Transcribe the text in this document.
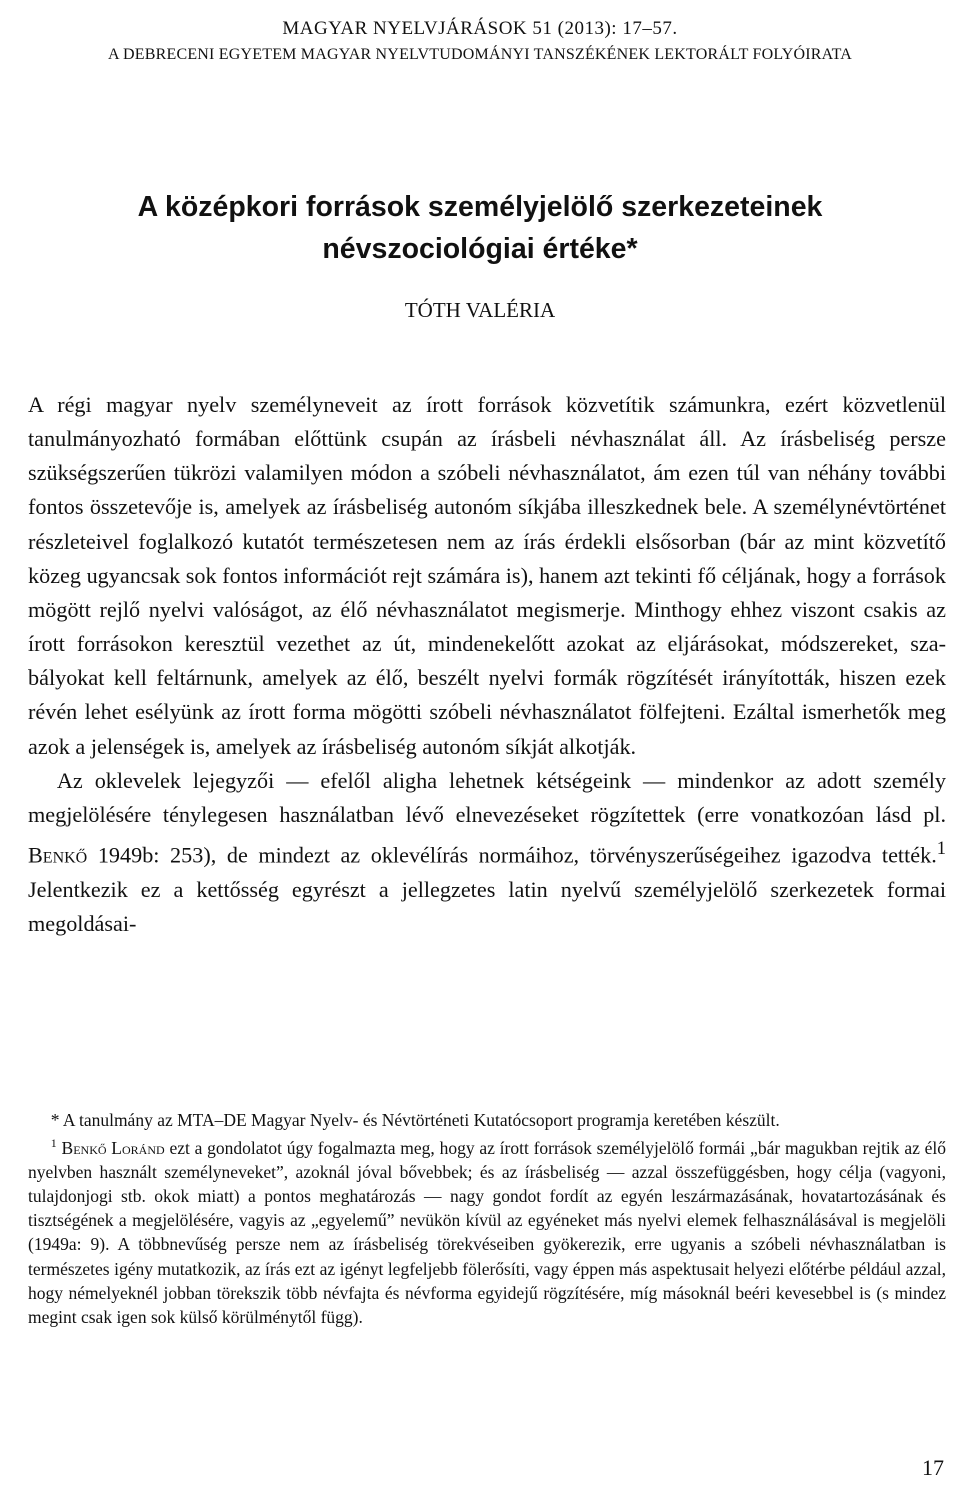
MAGYAR NYELVJÁRÁSOK 51 (2013): 17–57.
A DEBRECENI EGYETEM MAGYAR NYELVTUDOMÁNYI TANSZÉKÉNEK LEKTORÁLT FOLYÓIRATA
A középkori források személyjelölő szerkezeteinek
névszociológiai értéke*
TÓTH VALÉRIA

A régi magyar nyelv személyneveit az írott források közvetítik számunkra, ezért közvetlenül tanulmányozható formában előttünk csupán az írásbeli névhasználat áll. Az írásbeliség persze szükségszerűen tükrözi valamilyen módon a szóbeli névhasználatot, ám ezen túl van néhány további fontos összetevője is, amelyek az írásbeliség autonóm síkjába illeszkednek bele. A személynévtörténet részleteivel foglalkozó kutatót természetesen nem az írás érdekli elsősorban (bár az mint közvetítő közeg ugyancsak sok fontos információt rejt számára is), hanem azt tekinti fő céljának, hogy a források mögött rejlő nyelvi valóságot, az élő névhasználatot megismerje. Minthogy ehhez viszont csakis az írott forrásokon keresztül vezethet az út, mindenekelőtt azokat az eljárásokat, módszereket, szabályokat kell feltárnunk, amelyek az élő, beszélt nyelvi formák rögzítését irányították, hiszen ezek révén lehet esélyünk az írott forma mögötti szóbeli névhasználatot fölfejteni. Ezáltal ismerhetők meg azok a jelenségek is, amelyek az írásbeliség autonóm síkját alkotják.

Az oklevelek lejegyzői — efelől aligha lehetnek kétségeink — mindenkor az adott személy megjelölésére ténylegesen használatban lévő elnevezéseket rögzítettek (erre vonatkozóan lásd pl. Benkő 1949b: 253), de mindezt az oklevélírás normáihoz, törvényszerűségeihez igazodva tették.$^1$ Jelentkezik ez a kettősség egyrészt a jellegzetes latin nyelvű személyjelölő szerkezetek formai megoldásai-

* A tanulmány az MTA–DE Magyar Nyelv- és Névtörténeti Kutatócsoport programja keretében készült.

$^1$ Benkő Loránd ezt a gondolatot úgy fogalmazta meg, hogy az írott források személyjelölő formái „bár magukban rejtik az élő nyelvben használt személyneveket”, azoknál jóval bővebbek; és az írásbeliség — azzal összefüggésben, hogy célja (vagyoni, tulajdonjogi stb. okok miatt) a pontos meghatározás — nagy gondot fordít az egyén leszármazásának, hovatartozásának és tisztségének a megjelölésére, vagyis az „egyelemű” nevükön kívül az egyéneket más nyelvi elemek felhasználásával is megjelöli (1949a: 9). A többnevűség persze nem az írásbeliség törekvéseiben gyökerezik, erre ugyanis a szóbeli névhasználatban is természetes igény mutatkozik, az írás ezt az igényt legfeljebb fölerősíti, vagy éppen más aspektusait helyezi előtérbe például azzal, hogy némelyeknél jobban törekszik több névfajta és névforma egyidejű rögzítésére, míg másoknál beéri kevesebbel is (s mindez megint csak igen sok külső körülménytől függ).

17
